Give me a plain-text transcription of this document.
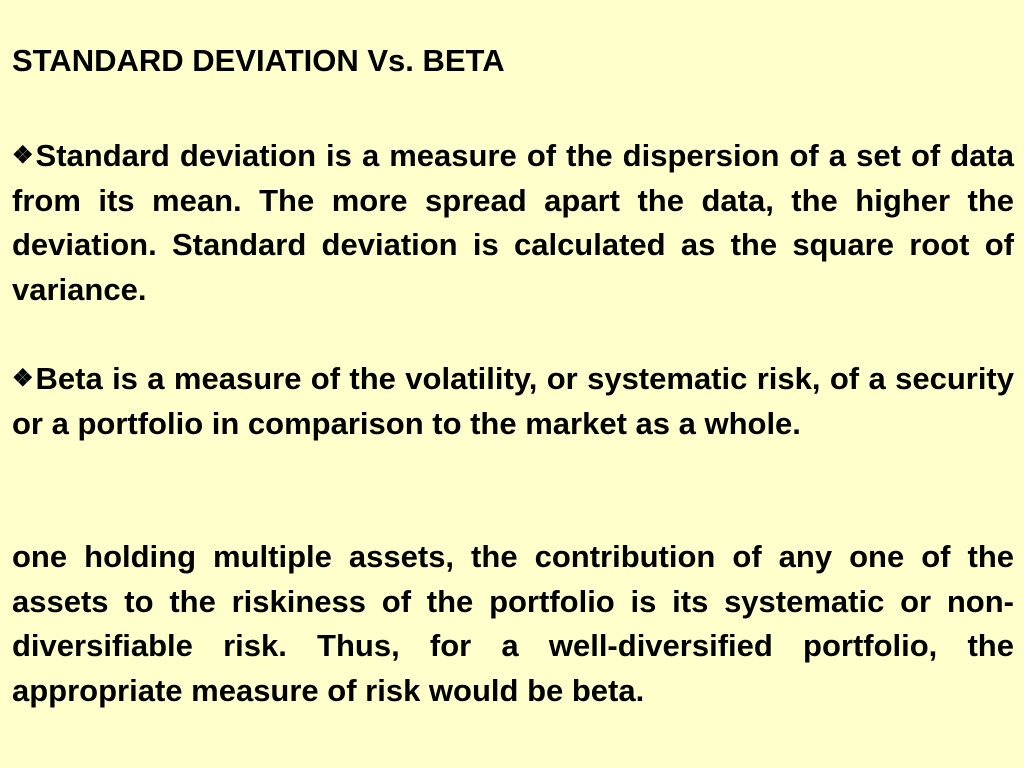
STANDARD DEVIATION Vs. BETA

❖Standard deviation is a measure of the dispersion of a set of data from its mean. The more spread apart the data, the higher the deviation. Standard deviation is calculated as the square root of variance.

❖Beta is a measure of the volatility, or systematic risk, of a security or a portfolio in comparison to the market as a whole.

one holding multiple assets, the contribution of any one of the assets to the riskiness of the portfolio is its systematic or non-diversifiable risk. Thus, for a well-diversified portfolio, the appropriate measure of risk would be beta.
